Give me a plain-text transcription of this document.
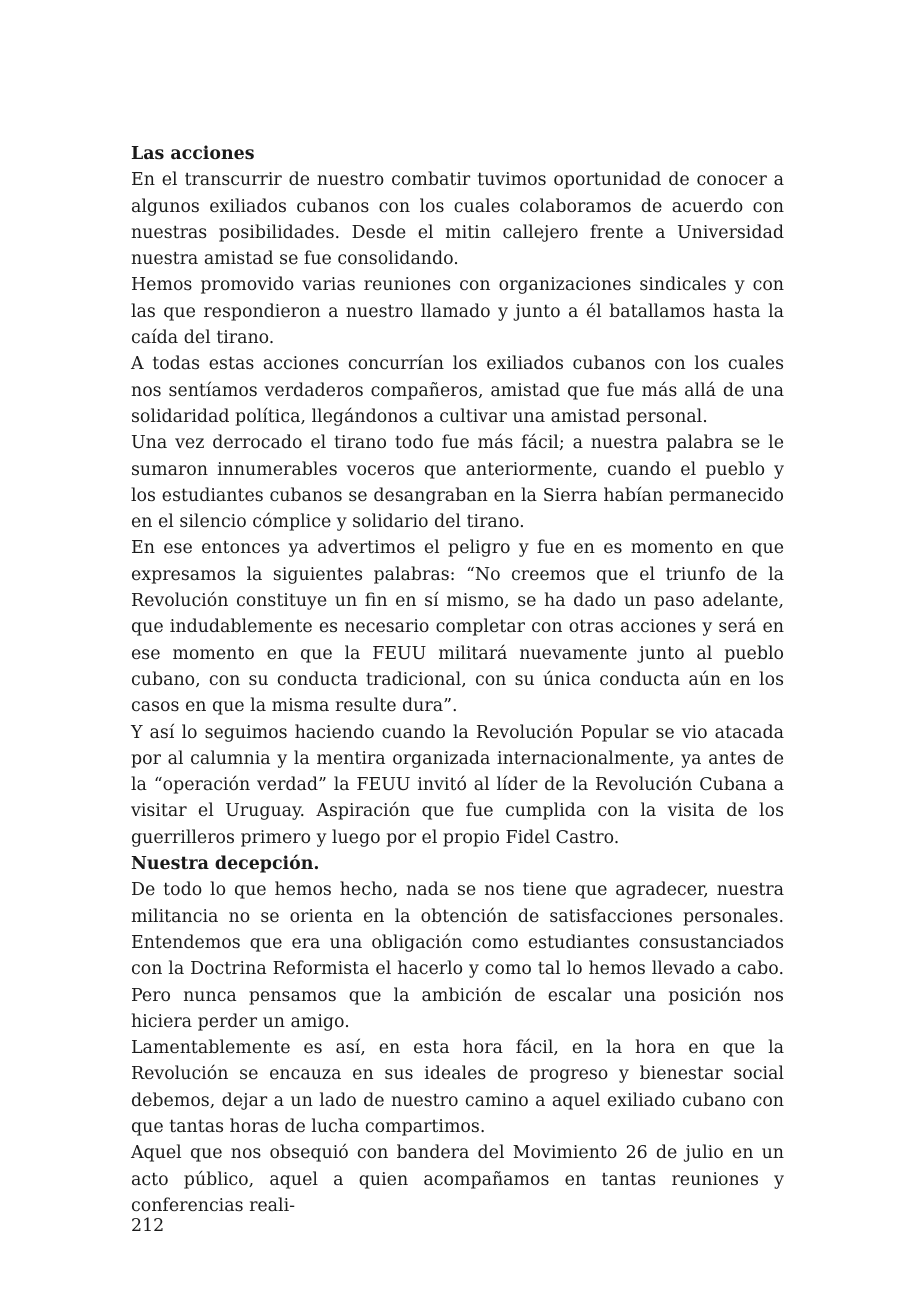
Las acciones

En el transcurrir de nuestro combatir tuvimos oportunidad de conocer a algunos exiliados cubanos con los cuales colaboramos de acuerdo con nuestras posibilidades. Desde el mitin callejero frente a Universidad nuestra amistad se fue consolidando.

Hemos promovido varias reuniones con organizaciones sindicales y con las que respondieron a nuestro llamado y junto a él batallamos hasta la caída del tirano.

A todas estas acciones concurrían los exiliados cubanos con los cuales nos sentíamos verdaderos compañeros, amistad que fue más allá de una solidaridad política, llegándonos a cultivar una amistad personal.

Una vez derrocado el tirano todo fue más fácil; a nuestra palabra se le sumaron innumerables voceros que anteriormente, cuando el pueblo y los estudiantes cubanos se desangraban en la Sierra habían permanecido en el silencio cómplice y solidario del tirano.

En ese entonces ya advertimos el peligro y fue en es momento en que expresamos la siguientes palabras: “No creemos que el triunfo de la Revolución constituye un fin en sí mismo, se ha dado un paso adelante, que indudablemente es necesario completar con otras acciones y será en ese momento en que la FEUU militará nuevamente junto al pueblo cubano, con su conducta tradicional, con su única conducta aún en los casos en que la misma resulte dura”.

Y así lo seguimos haciendo cuando la Revolución Popular se vio atacada por al calumnia y la mentira organizada internacionalmente, ya antes de la “operación verdad” la FEUU invitó al líder de la Revolución Cubana a visitar el Uruguay. Aspiración que fue cumplida con la visita de los guerrilleros primero y luego por el propio Fidel Castro.

Nuestra decepción.

De todo lo que hemos hecho, nada se nos tiene que agradecer, nuestra militancia no se orienta en la obtención de satisfacciones personales. Entendemos que era una obligación como estudiantes consustanciados con la Doctrina Reformista el hacerlo y como tal lo hemos llevado a cabo. Pero nunca pensamos que la ambición de escalar una posición nos hiciera perder un amigo.

Lamentablemente es así, en esta hora fácil, en la hora en que la Revolución se encauza en sus ideales de progreso y bienestar social debemos, dejar a un lado de nuestro camino a aquel exiliado cubano con que tantas horas de lucha compartimos.

Aquel que nos obsequió con bandera del Movimiento 26 de julio en un acto público, aquel a quien acompañamos en tantas reuniones y conferencias reali-

212
